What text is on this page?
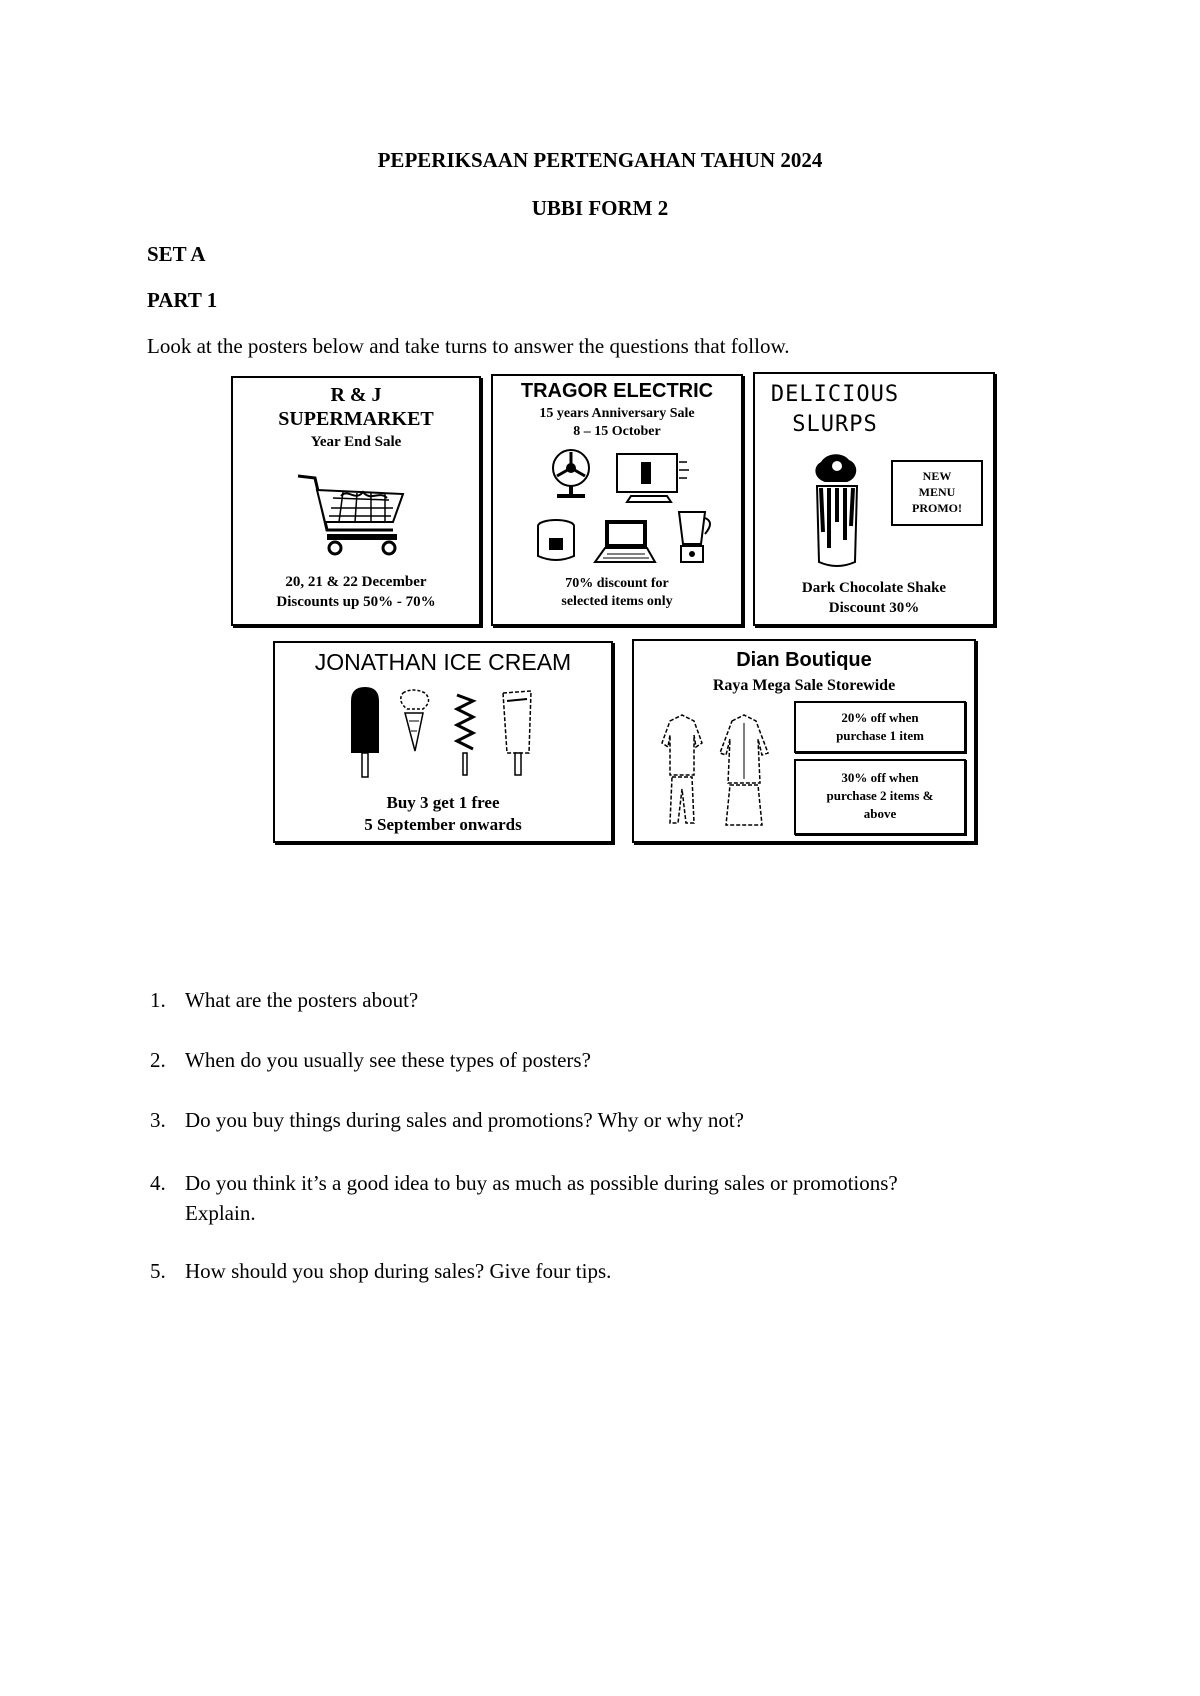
PEPERIKSAAN PERTENGAHAN TAHUN 2024
UBBI FORM 2
SET A
PART 1
Look at the posters below and take turns to answer the questions that follow.
R & J
SUPERMARKET
Year End Sale
20, 21 & 22 December
Discounts up 50% - 70%
TRAGOR ELECTRIC
15 years Anniversary Sale
8 – 15 October
70% discount for
selected items only
DELICIOUS
SLURPS
NEW
MENU
PROMO!
Dark Chocolate Shake
Discount 30%
JONATHAN ICE CREAM
Buy 3 get 1 free
5 September onwards
Dian Boutique
Raya Mega Sale Storewide
20% off when
purchase 1 item
30% off when
purchase 2 items &
above
1. What are the posters about?
2. When do you usually see these types of posters?
3. Do you buy things during sales and promotions? Why or why not?
4. Do you think it’s a good idea to buy as much as possible during sales or promotions?
Explain.
5. How should you shop during sales? Give four tips.
